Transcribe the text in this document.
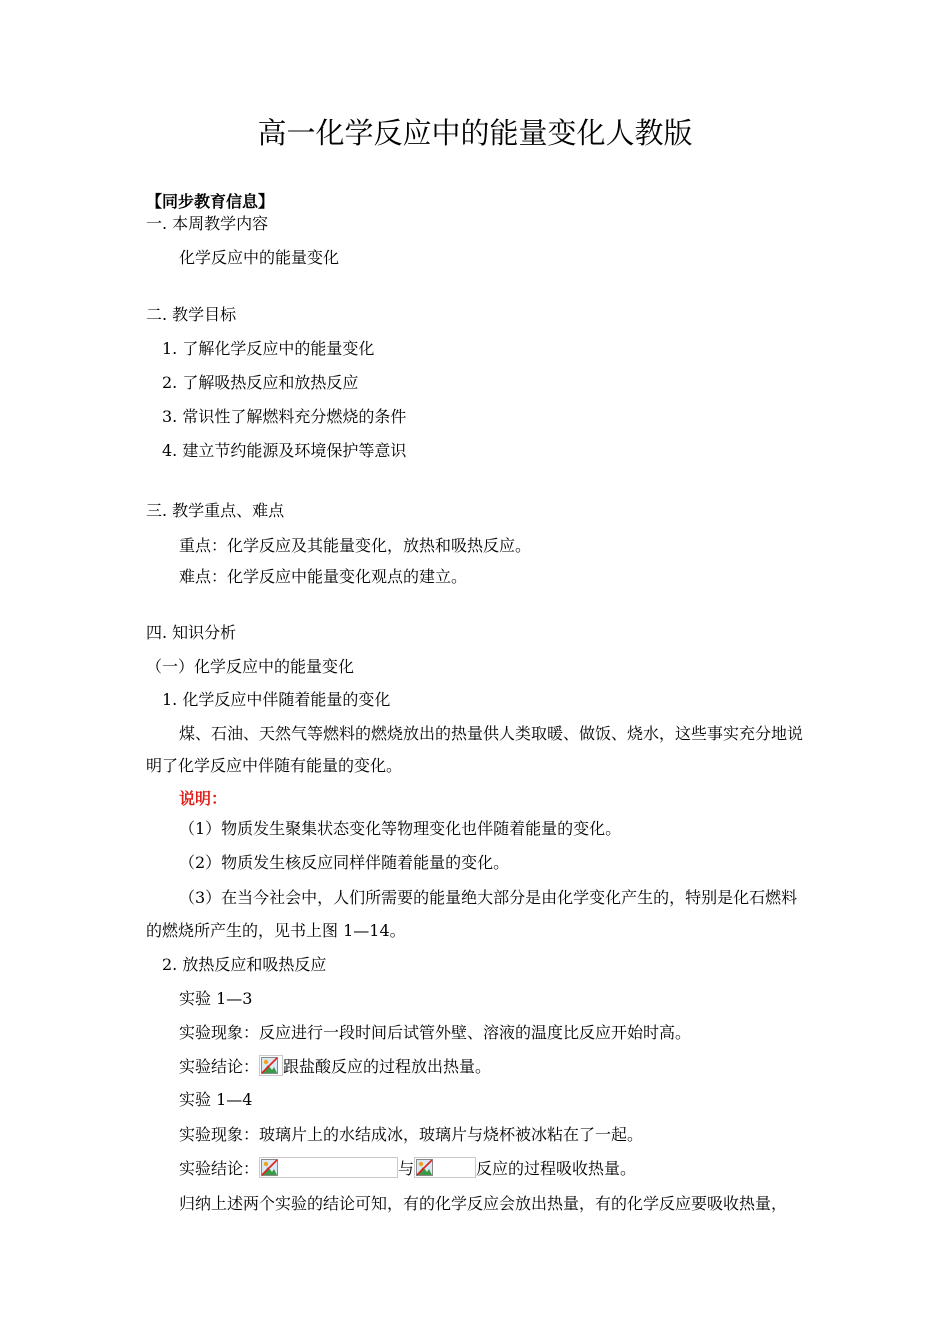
高一化学反应中的能量变化人教版
【同步教育信息】
一. 本周教学内容
化学反应中的能量变化
二. 教学目标
1. 了解化学反应中的能量变化
2. 了解吸热反应和放热反应
3. 常识性了解燃料充分燃烧的条件
4. 建立节约能源及环境保护等意识
三. 教学重点、难点
重点：化学反应及其能量变化，放热和吸热反应。
难点：化学反应中能量变化观点的建立。
四. 知识分析
（一）化学反应中的能量变化
1. 化学反应中伴随着能量的变化
煤、石油、天然气等燃料的燃烧放出的热量供人类取暖、做饭、烧水，这些事实充分地说
明了化学反应中伴随有能量的变化。
说明：
（1）物质发生聚集状态变化等物理变化也伴随着能量的变化。
（2）物质发生核反应同样伴随着能量的变化。
（3）在当今社会中，人们所需要的能量绝大部分是由化学变化产生的，特别是化石燃料
的燃烧所产生的，见书上图 1—14。
2. 放热反应和吸热反应
实验 1—3
实验现象：反应进行一段时间后试管外壁、溶液的温度比反应开始时高。
实验结论： 跟盐酸反应的过程放出热量。
实验 1—4
实验现象：玻璃片上的水结成冰，玻璃片与烧杯被冰粘在了一起。
实验结论：	与	反应的过程吸收热量。
归纳上述两个实验的结论可知，有的化学反应会放出热量，有的化学反应要吸收热量，
